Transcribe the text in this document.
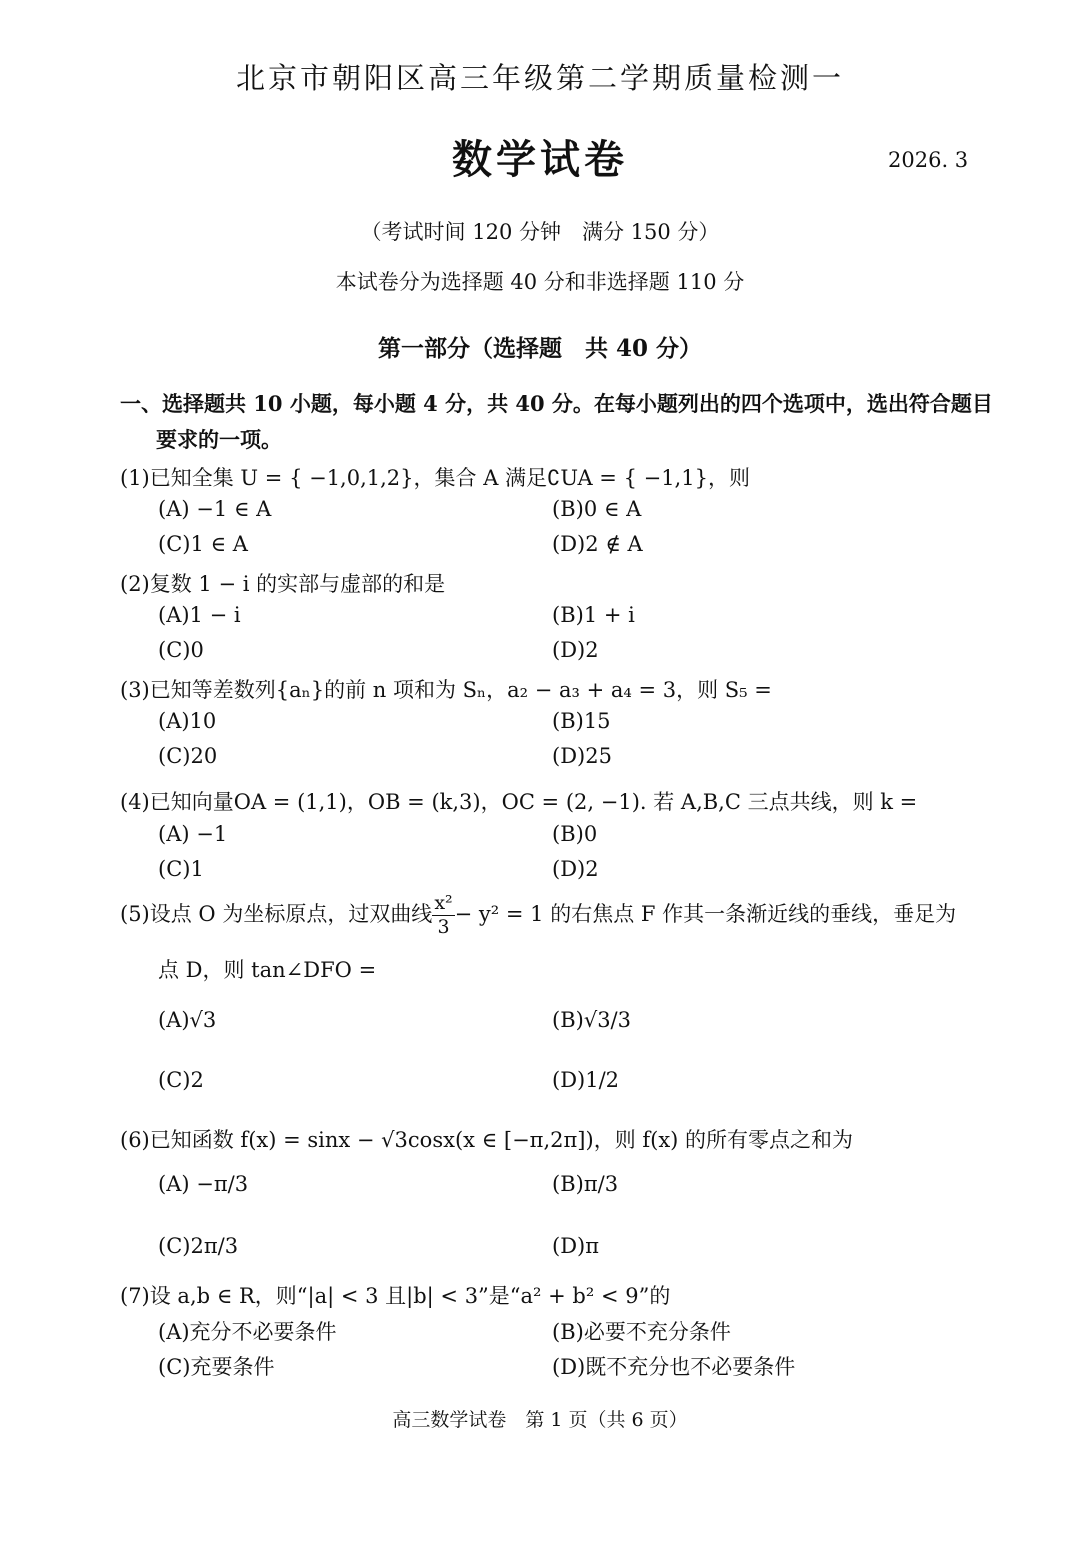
北京市朝阳区高三年级第二学期质量检测一
数学试卷	2026. 3
（考试时间 120 分钟　满分 150 分）
本试卷分为选择题 40 分和非选择题 110 分
第一部分（选择题　共 40 分）
一、选择题共 10 小题，每小题 4 分，共 40 分。在每小题列出的四个选项中，选出符合题目
要求的一项。
(1)已知全集 U = { −1,0,1,2}，集合 A 满足∁UA = { −1,1}，则
(A) −1 ∈ A	(B)0 ∈ A
(C)1 ∈ A	(D)2 ∉ A
(2)复数 1 − i 的实部与虚部的和是
(A)1 − i	(B)1 + i
(C)0	(D)2
(3)已知等差数列{aₙ}的前 n 项和为 Sₙ，a₂ − a₃ + a₄ = 3，则 S₅ =
(A)10	(B)15
(C)20	(D)25
(4)已知向量OA = (1,1)，OB = (k,3)，OC = (2, −1). 若 A,B,C 三点共线，则 k =
(A) −1	(B)0
(C)1	(D)2
(5)设点 O 为坐标原点，过双曲线 $\frac{\text{x²}}{3} - y^2 = 1$ 的右焦点 F 作其一条渐近线的垂线，垂足为
点 D，则 tan∠DFO =
(A)√3	(B)√3/3
(C)2	(D)1/2
(6)已知函数 f(x) = sinx − √3cosx(x ∈ [−π,2π])，则 f(x) 的所有零点之和为
(A) −π/3	(B)π/3
(C)2π/3	(D)π
(7)设 a,b ∈ R，则“|a| < 3 且|b| < 3”是“a² + b² < 9”的
(A)充分不必要条件	(B)必要不充分条件
(C)充要条件	(D)既不充分也不必要条件
高三数学试卷　第 1 页（共 6 页）
